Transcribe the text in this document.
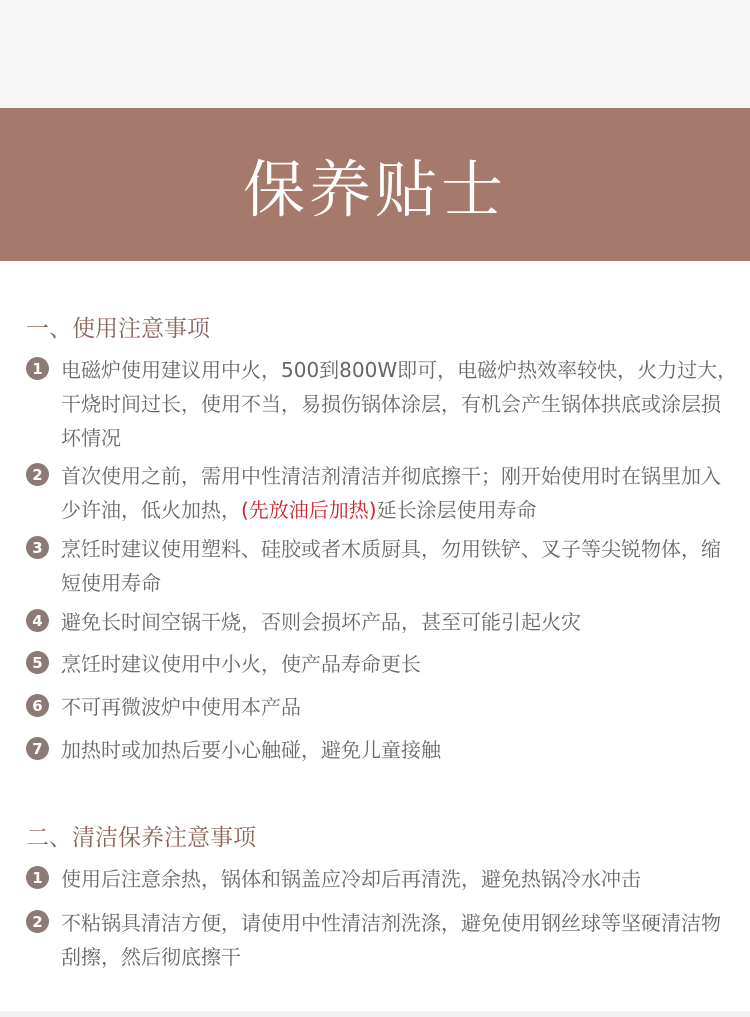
保养贴士
一、使用注意事项
1 电磁炉使用建议用中火，500到800W即可，电磁炉热效率较快，火力过大，干烧时间过长，使用不当，易损伤锅体涂层，有机会产生锅体拱底或涂层损坏情况
2 首次使用之前，需用中性清洁剂清洁并彻底擦干；刚开始使用时在锅里加入少许油，低火加热，(先放油后加热)延长涂层使用寿命
3 烹饪时建议使用塑料、硅胶或者木质厨具，勿用铁铲、叉子等尖锐物体，缩短使用寿命
4 避免长时间空锅干烧，否则会损坏产品，甚至可能引起火灾
5 烹饪时建议使用中小火，使产品寿命更长
6 不可再微波炉中使用本产品
7 加热时或加热后要小心触碰，避免儿童接触
二、清洁保养注意事项
1 使用后注意余热，锅体和锅盖应冷却后再清洗，避免热锅冷水冲击
2 不粘锅具清洁方便，请使用中性清洁剂洗涤，避免使用钢丝球等坚硬清洁物刮擦，然后彻底擦干
